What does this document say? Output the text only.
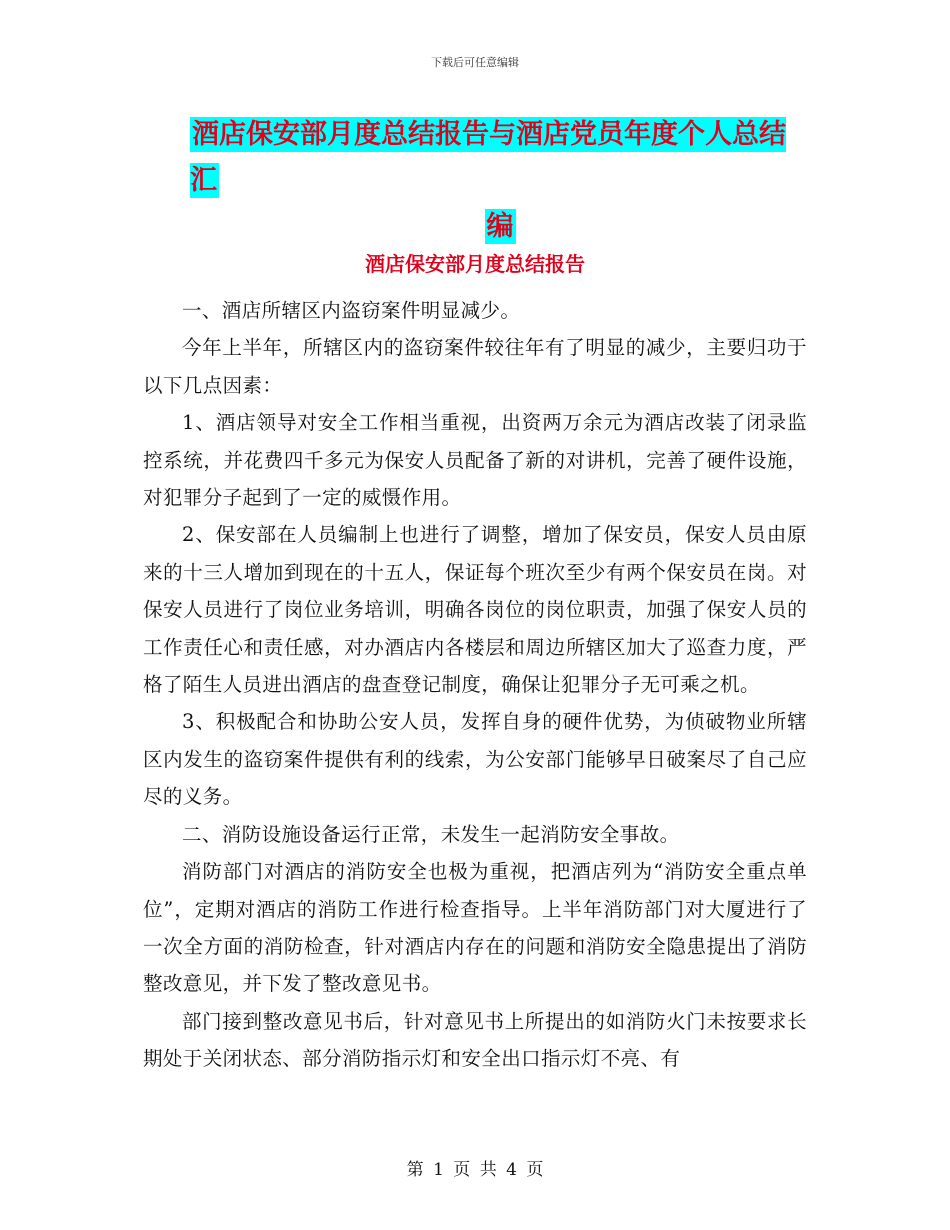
下载后可任意编辑
酒店保安部月度总结报告与酒店党员年度个人总结汇
编
酒店保安部月度总结报告

一、酒店所辖区内盗窃案件明显减少。

今年上半年，所辖区内的盗窃案件较往年有了明显的减少，主要归功于以下几点因素：

1、酒店领导对安全工作相当重视，出资两万余元为酒店改装了闭录监控系统，并花费四千多元为保安人员配备了新的对讲机，完善了硬件设施，对犯罪分子起到了一定的威慑作用。

2、保安部在人员编制上也进行了调整，增加了保安员，保安人员由原来的十三人增加到现在的十五人，保证每个班次至少有两个保安员在岗。对保安人员进行了岗位业务培训，明确各岗位的岗位职责，加强了保安人员的工作责任心和责任感，对办酒店内各楼层和周边所辖区加大了巡查力度，严格了陌生人员进出酒店的盘查登记制度，确保让犯罪分子无可乘之机。

3、积极配合和协助公安人员，发挥自身的硬件优势，为侦破物业所辖区内发生的盗窃案件提供有利的线索，为公安部门能够早日破案尽了自己应尽的义务。

二、消防设施设备运行正常，未发生一起消防安全事故。

消防部门对酒店的消防安全也极为重视，把酒店列为“消防安全重点单位”，定期对酒店的消防工作进行检查指导。上半年消防部门对大厦进行了一次全方面的消防检查，针对酒店内存在的问题和消防安全隐患提出了消防整改意见，并下发了整改意见书。

部门接到整改意见书后，针对意见书上所提出的如消防火门未按要求长期处于关闭状态、部分消防指示灯和安全出口指示灯不亮、有

第 1 页 共 4 页
